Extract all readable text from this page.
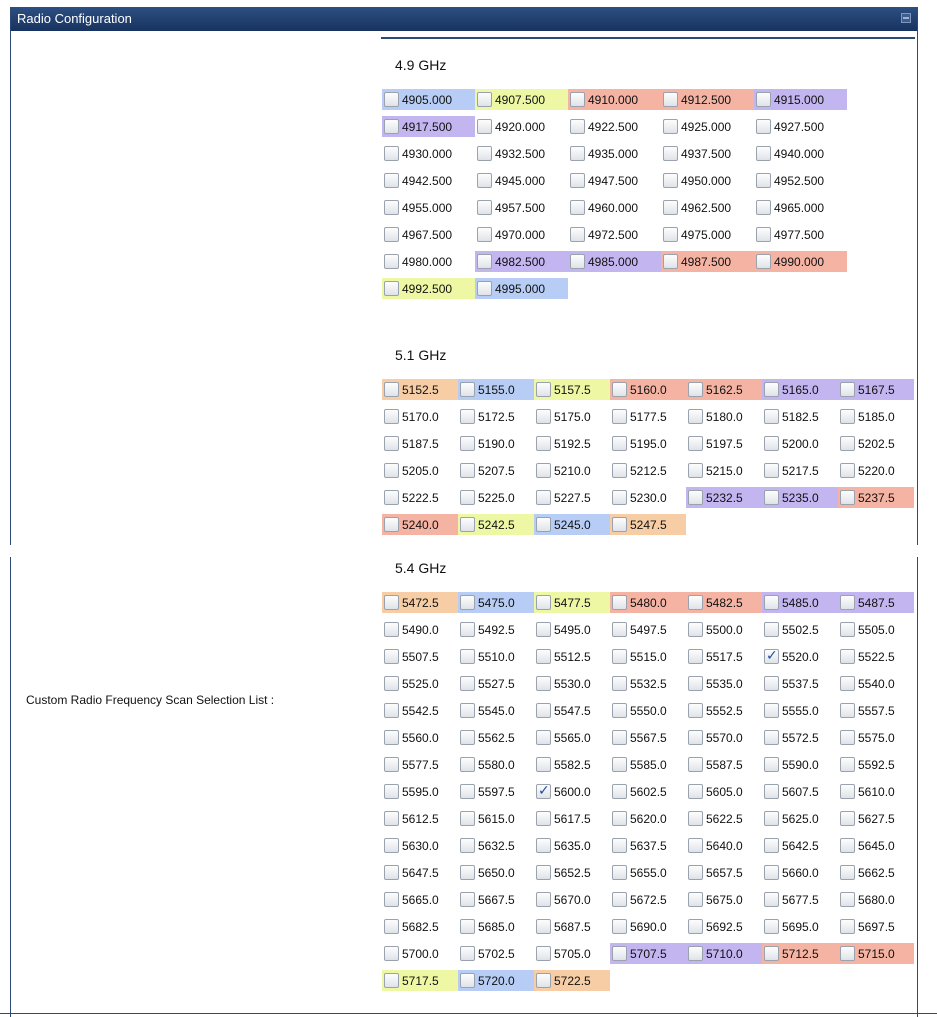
Radio Configuration
Custom Radio Frequency Scan Selection List :
4.9 GHz
4905.000	4907.500	4910.000	4912.500	4915.000
4917.500	4920.000	4922.500	4925.000	4927.500
4930.000	4932.500	4935.000	4937.500	4940.000
4942.500	4945.000	4947.500	4950.000	4952.500
4955.000	4957.500	4960.000	4962.500	4965.000
4967.500	4970.000	4972.500	4975.000	4977.500
4980.000	4982.500	4985.000	4987.500	4990.000
4992.500	4995.000
5.1 GHz
5152.5	5155.0	5157.5	5160.0	5162.5	5165.0	5167.5
5170.0	5172.5	5175.0	5177.5	5180.0	5182.5	5185.0
5187.5	5190.0	5192.5	5195.0	5197.5	5200.0	5202.5
5205.0	5207.5	5210.0	5212.5	5215.0	5217.5	5220.0
5222.5	5225.0	5227.5	5230.0	5232.5	5235.0	5237.5
5240.0	5242.5	5245.0	5247.5
5.4 GHz
5472.5	5475.0	5477.5	5480.0	5482.5	5485.0	5487.5
5490.0	5492.5	5495.0	5497.5	5500.0	5502.5	5505.0
5507.5	5510.0	5512.5	5515.0	5517.5 ✓	5520.0	5522.5
5525.0	5527.5	5530.0	5532.5	5535.0	5537.5	5540.0
5542.5	5545.0	5547.5	5550.0	5552.5	5555.0	5557.5
5560.0	5562.5	5565.0	5567.5	5570.0	5572.5	5575.0
5577.5	5580.0	5582.5	5585.0	5587.5	5590.0	5592.5
5595.0	5597.5 ✓	5600.0	5602.5	5605.0	5607.5	5610.0
5612.5	5615.0	5617.5	5620.0	5622.5	5625.0	5627.5
5630.0	5632.5	5635.0	5637.5	5640.0	5642.5	5645.0
5647.5	5650.0	5652.5	5655.0	5657.5	5660.0	5662.5
5665.0	5667.5	5670.0	5672.5	5675.0	5677.5	5680.0
5682.5	5685.0	5687.5	5690.0	5692.5	5695.0	5697.5
5700.0	5702.5	5705.0	5707.5	5710.0	5712.5	5715.0
5717.5	5720.0	5722.5
